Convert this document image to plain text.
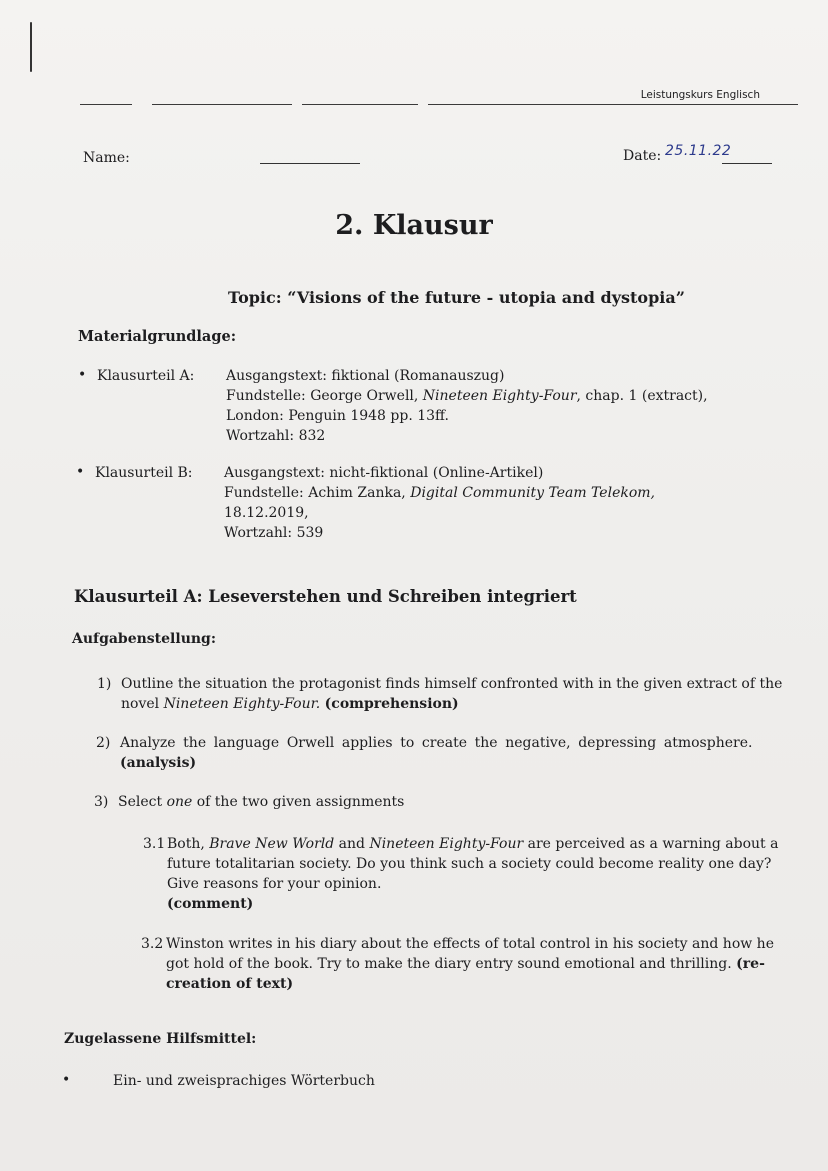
Leistungskurs Englisch
Name:	Date: 25.11.22
2. Klausur
Topic: “Visions of the future - utopia and dystopia”
Materialgrundlage:
• Klausurteil A: Ausgangstext: fiktional (Romanauszug)
Fundstelle: George Orwell, Nineteen Eighty-Four, chap. 1 (extract),
London: Penguin 1948 pp. 13ff.
Wortzahl: 832
• Klausurteil B: Ausgangstext: nicht-fiktional (Online-Artikel)
Fundstelle: Achim Zanka, Digital Community Team Telekom,
18.12.2019,
Wortzahl: 539
Klausurteil A: Leseverstehen und Schreiben integriert
Aufgabenstellung:
1) Outline the situation the protagonist finds himself confronted with in the given extract of the
novel Nineteen Eighty-Four. (comprehension)
2) Analyze the language Orwell applies to create the negative, depressing atmosphere.
(analysis)
3) Select one of the two given assignments
3.1 Both, Brave New World and Nineteen Eighty-Four are perceived as a warning about a
future totalitarian society. Do you think such a society could become reality one day?
Give reasons for your opinion.
(comment)
3.2 Winston writes in his diary about the effects of total control in his society and how he
got hold of the book. Try to make the diary entry sound emotional and thrilling. (re-
creation of text)
Zugelassene Hilfsmittel:
•	Ein- und zweisprachiges Wörterbuch
